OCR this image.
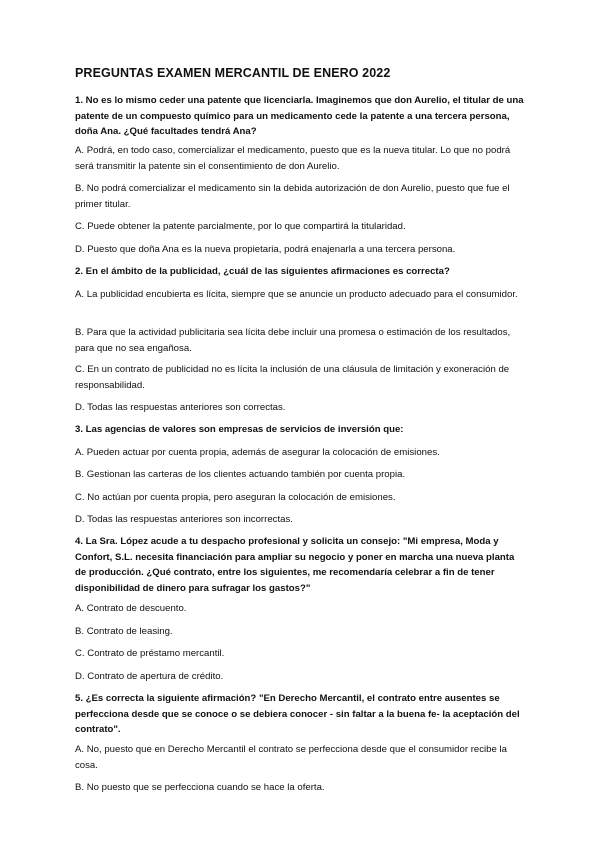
PREGUNTAS EXAMEN MERCANTIL DE ENERO 2022
1. No es lo mismo ceder una patente que licenciarla. Imaginemos que don Aurelio, el titular de una patente de un compuesto químico para un medicamento cede la patente a una tercera persona, doña Ana. ¿Qué facultades tendrá Ana?
A. Podrá, en todo caso, comercializar el medicamento, puesto que es la nueva titular. Lo que no podrá será transmitir la patente sin el consentimiento de don Aurelio.
B. No podrá comercializar el medicamento sin la debida autorización de don Aurelio, puesto que fue el primer titular.
C. Puede obtener la patente parcialmente, por lo que compartirá la titularidad.
D. Puesto que doña Ana es la nueva propietaria, podrá enajenarla a una tercera persona.
2. En el ámbito de la publicidad, ¿cuál de las siguientes afirmaciones es correcta?
A. La publicidad encubierta es lícita, siempre que se anuncie un producto adecuado para el consumidor.
B. Para que la actividad publicitaria sea lícita debe incluir una promesa o estimación de los resultados, para que no sea engañosa.
C. En un contrato de publicidad no es lícita la inclusión de una cláusula de limitación y exoneración de responsabilidad.
D. Todas las respuestas anteriores son correctas.
3. Las agencias de valores son empresas de servicios de inversión que:
A. Pueden actuar por cuenta propia, además de asegurar la colocación de emisiones.
B. Gestionan las carteras de los clientes actuando también por cuenta propia.
C. No actúan por cuenta propia, pero aseguran la colocación de emisiones.
D. Todas las respuestas anteriores son incorrectas.
4. La Sra. López acude a tu despacho profesional y solicita un consejo: "Mi empresa, Moda y Confort, S.L. necesita financiación para ampliar su negocio y poner en marcha una nueva planta de producción. ¿Qué contrato, entre los siguientes, me recomendaría celebrar a fin de tener disponibilidad de dinero para sufragar los gastos?"
A. Contrato de descuento.
B. Contrato de leasing.
C. Contrato de préstamo mercantil.
D. Contrato de apertura de crédito.
5. ¿Es correcta la siguiente afirmación? "En Derecho Mercantil, el contrato entre ausentes se perfecciona desde que se conoce o se debiera conocer - sin faltar a la buena fe- la aceptación del contrato".
A. No, puesto que en Derecho Mercantil el contrato se perfecciona desde que el consumidor recibe la cosa.
B. No puesto que se perfecciona cuando se hace la oferta.
